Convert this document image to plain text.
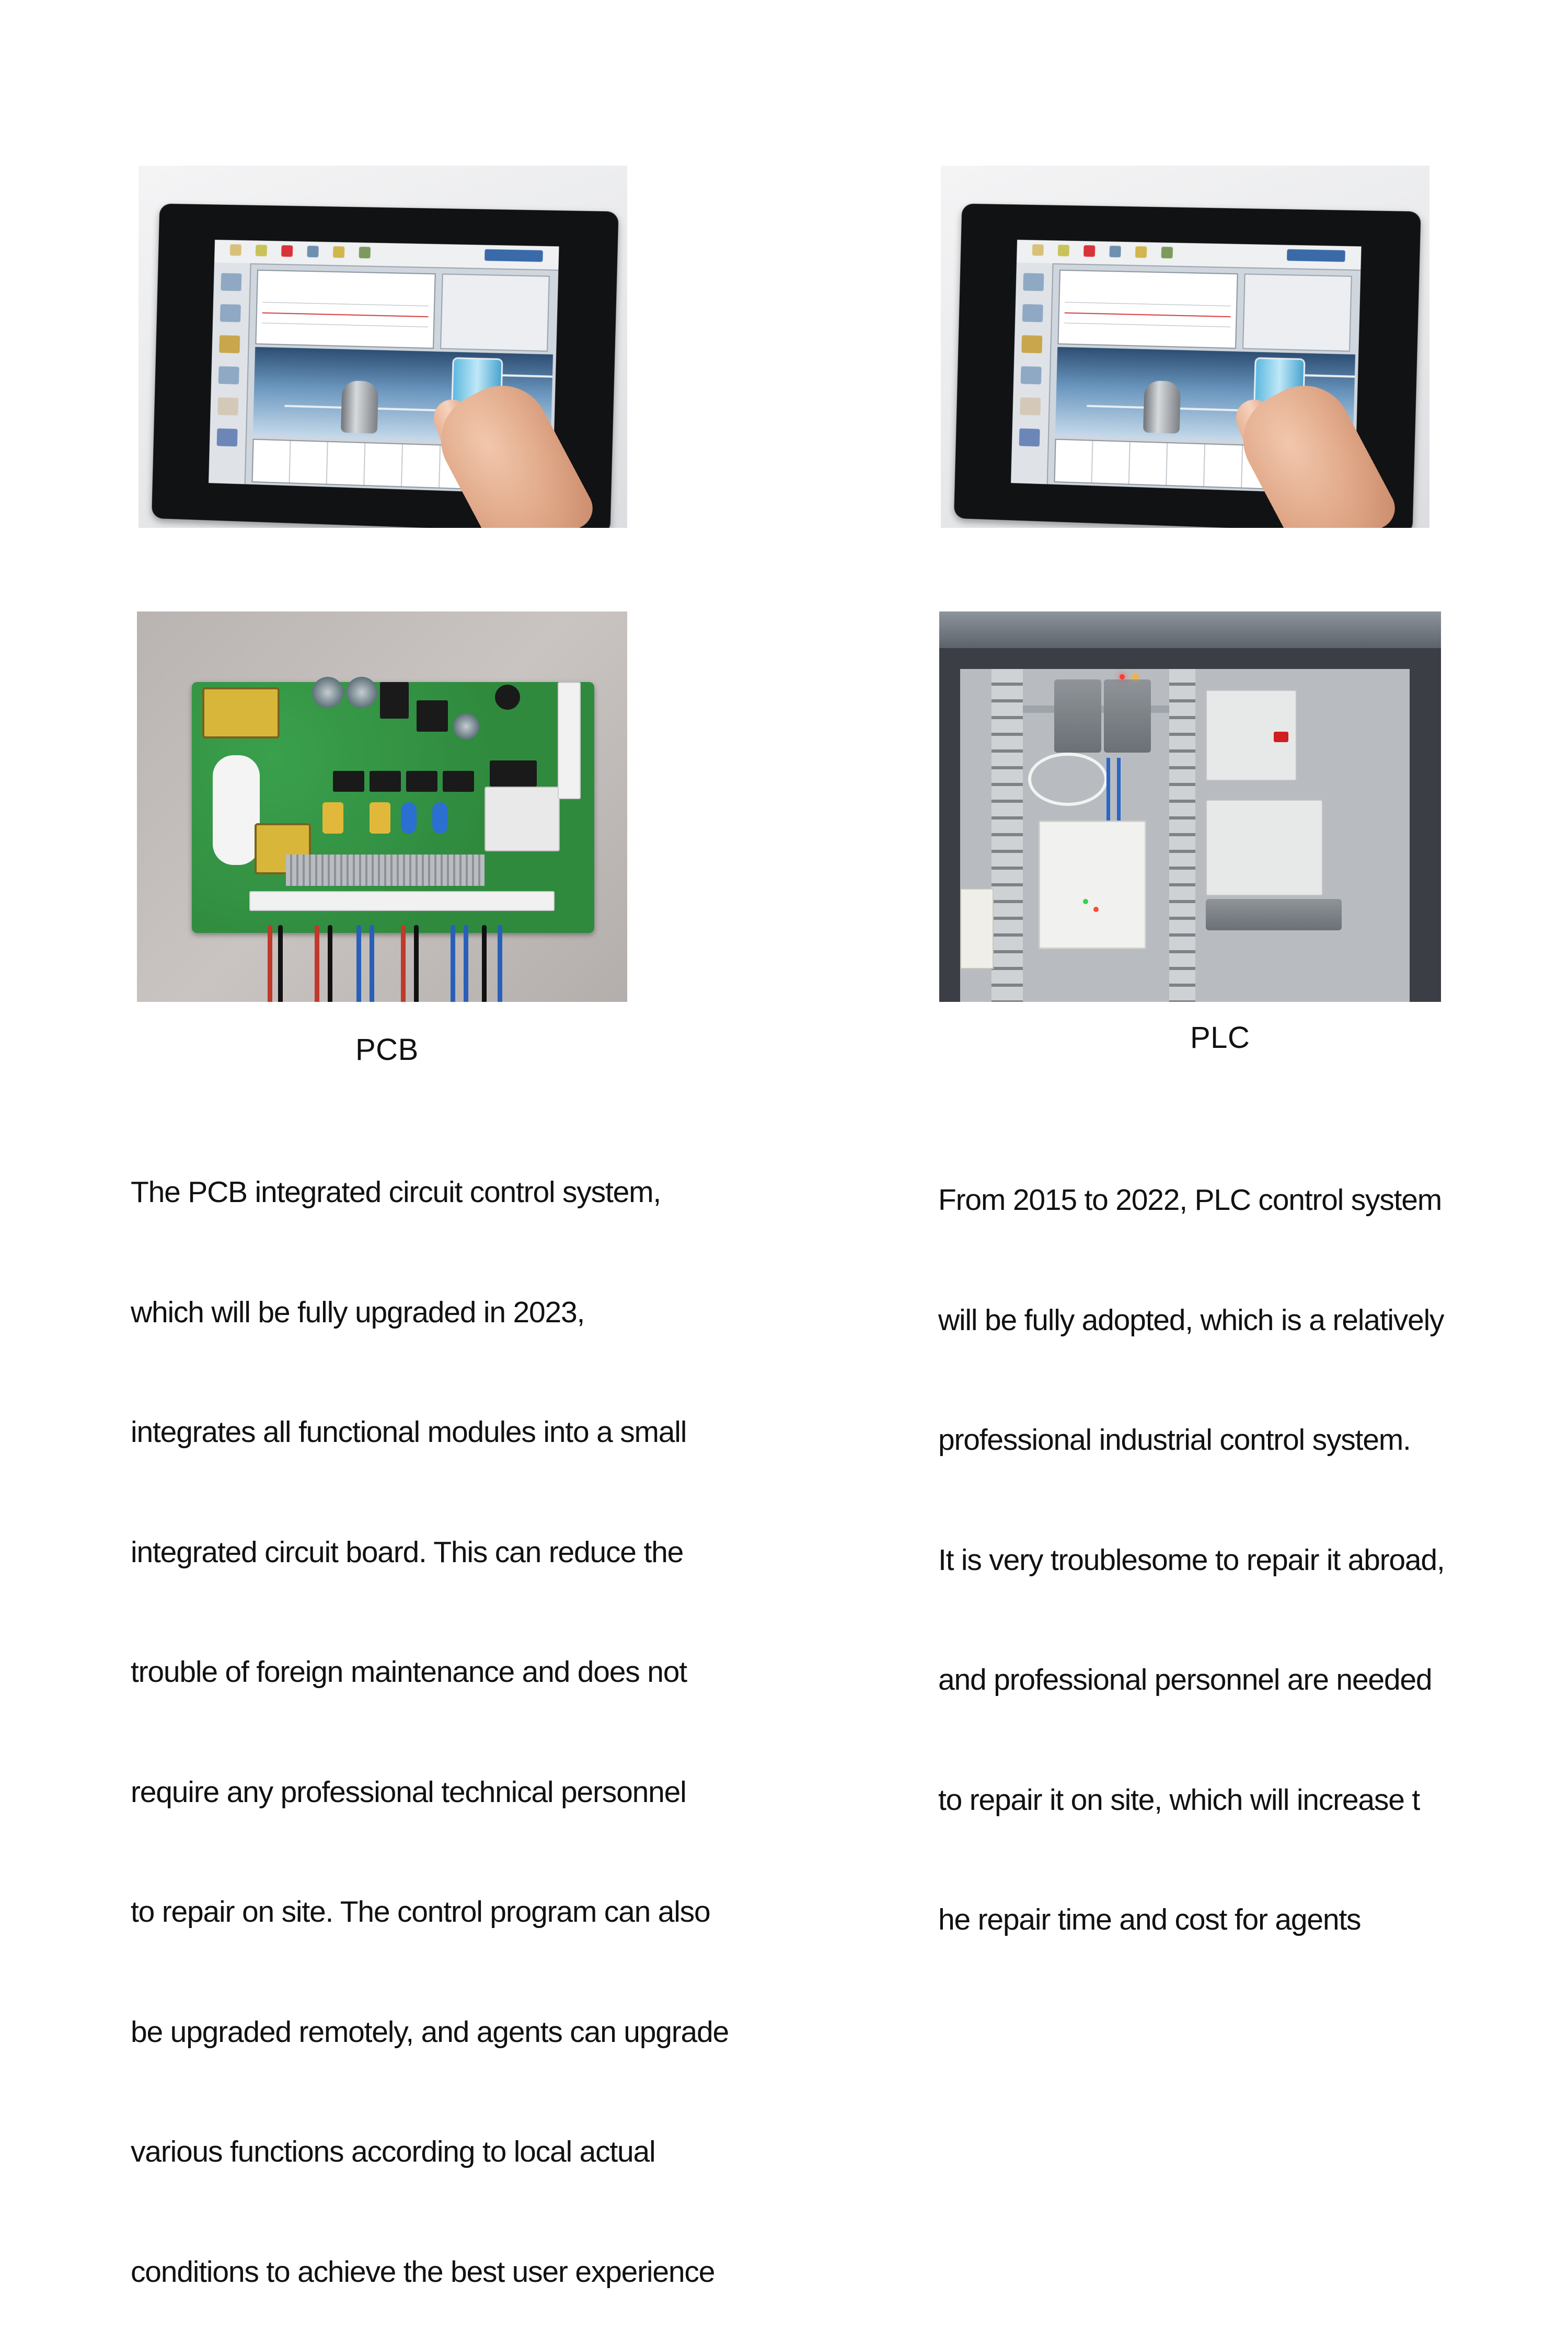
PCB

The PCB integrated circuit control system,

which will be fully upgraded in 2023,

integrates all functional modules into a small

integrated circuit board. This can reduce the

trouble of foreign maintenance and does not

require any professional technical personnel

to repair on site. The control program can also

be upgraded remotely, and agents can upgrade

various functions according to local actual

conditions to achieve the best user experience

PLC

From 2015 to 2022, PLC control system

will be fully adopted, which is a relatively

professional industrial control system.

It is very troublesome to repair it abroad,

and professional personnel are needed

to repair it on site, which will increase t

he repair time and cost for agents
